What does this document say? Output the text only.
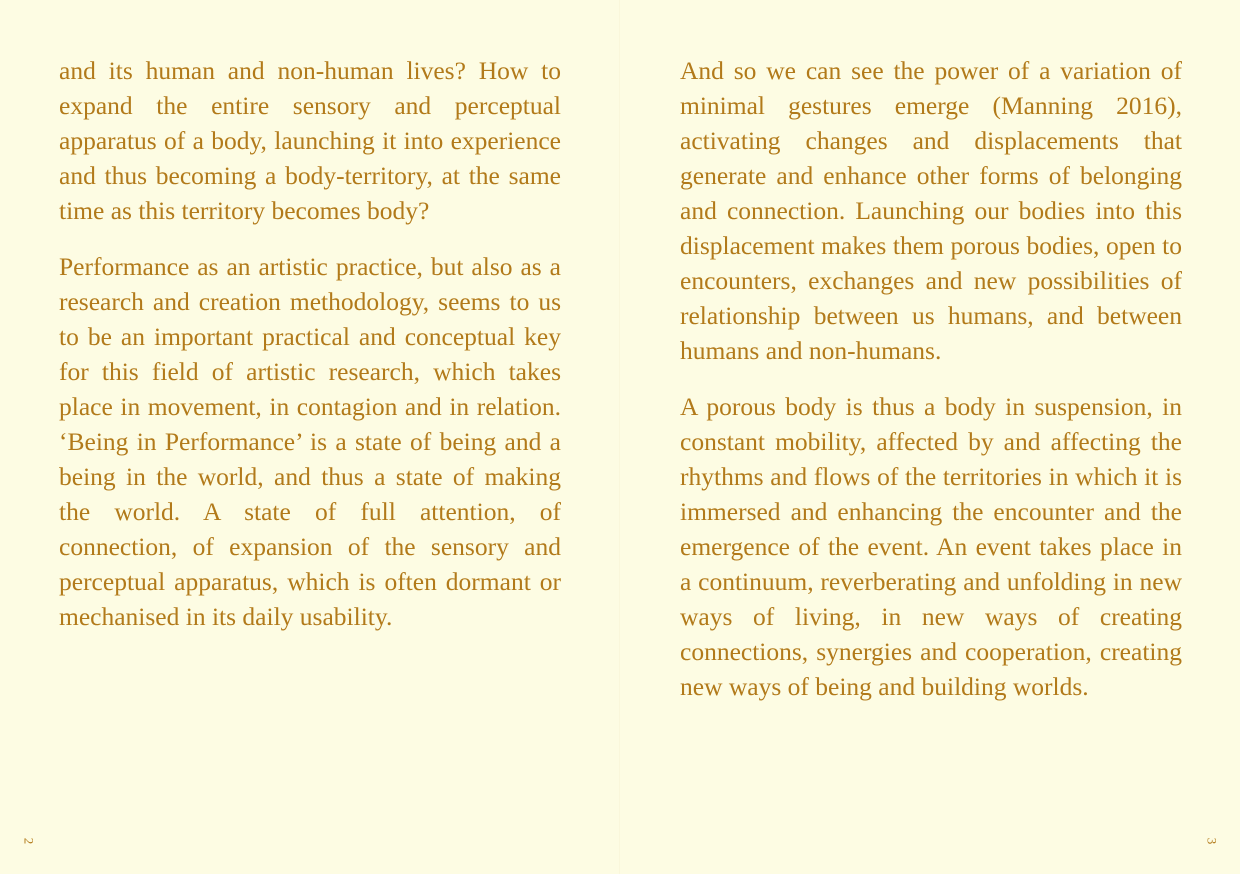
and its human and non-human lives? How to expand the entire sensory and perceptual apparatus of a body, launching it into experience and thus becoming a body-territory, at the same time as this territory becomes body?

Performance as an artistic practice, but also as a research and creation methodology, seems to us to be an important practical and conceptual key for this field of artistic research, which takes place in movement, in contagion and in relation. ‘Being in Performance’ is a state of being and a being in the world, and thus a state of making the world. A state of full attention, of connection, of expansion of the sensory and perceptual apparatus, which is often dormant or mechanised in its daily usability.

2

And so we can see the power of a variation of minimal gestures emerge (Manning 2016), activating changes and displacements that generate and enhance other forms of belonging and connection. Launching our bodies into this displacement makes them porous bodies, open to encounters, exchanges and new possibilities of relationship between us humans, and between humans and non-humans.

A porous body is thus a body in suspension, in constant mobility, affected by and affecting the rhythms and flows of the territories in which it is immersed and enhancing the encounter and the emergence of the event. An event takes place in a continuum, reverberating and unfolding in new ways of living, in new ways of creating connections, synergies and cooperation, creating new ways of being and building worlds.

3
